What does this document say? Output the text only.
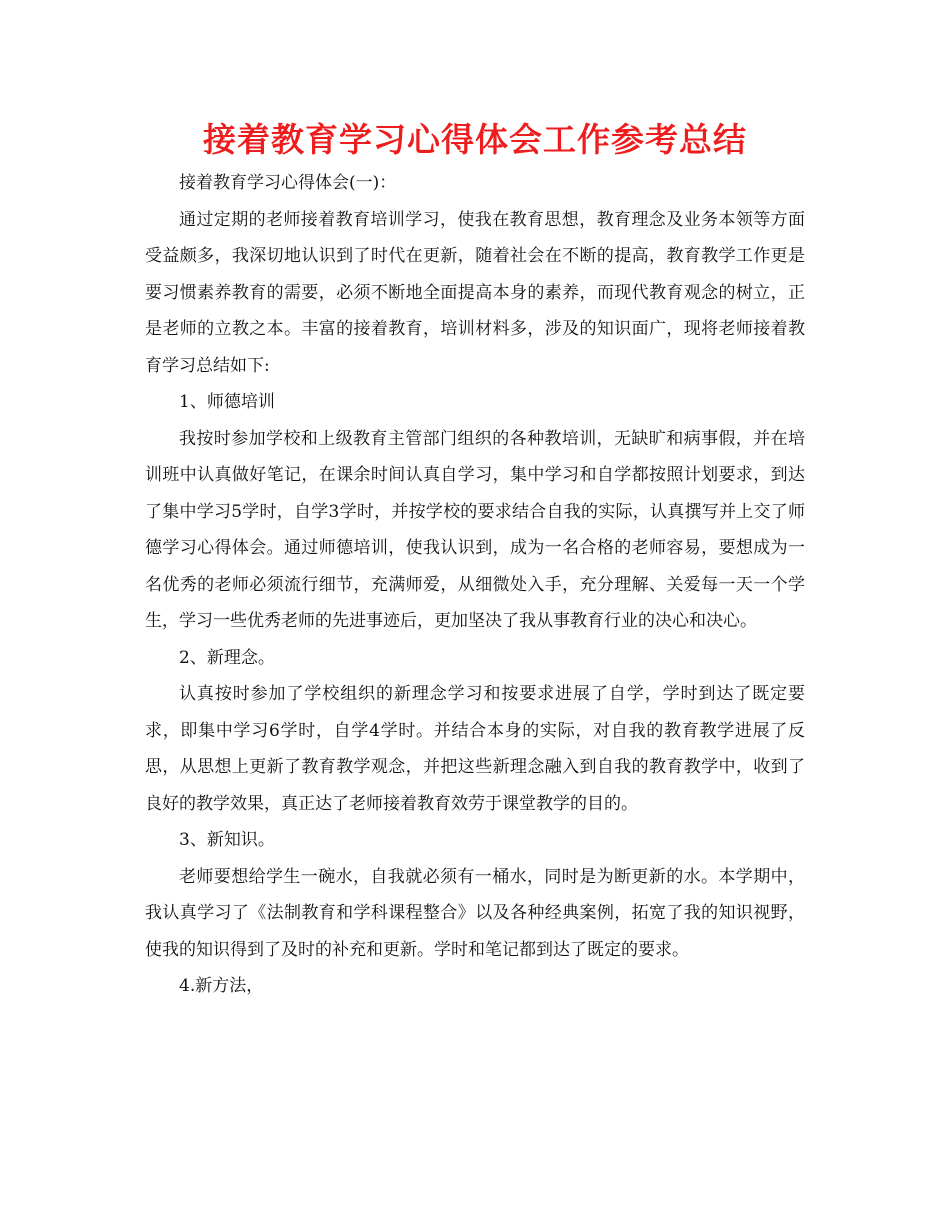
接着教育学习心得体会工作参考总结

接着教育学习心得体会(一)：

通过定期的老师接着教育培训学习，使我在教育思想，教育理念及业务本领等方面受益颇多，我深切地认识到了时代在更新，随着社会在不断的提高，教育教学工作更是要习惯素养教育的需要，必须不断地全面提高本身的素养，而现代教育观念的树立，正是老师的立教之本。丰富的接着教育，培训材料多，涉及的知识面广，现将老师接着教育学习总结如下:

1、师德培训

我按时参加学校和上级教育主管部门组织的各种教培训，无缺旷和病事假，并在培训班中认真做好笔记，在课余时间认真自学习，集中学习和自学都按照计划要求，到达了集中学习5学时，自学3学时，并按学校的要求结合自我的实际，认真撰写并上交了师德学习心得体会。通过师德培训，使我认识到，成为一名合格的老师容易，要想成为一名优秀的老师必须流行细节，充满师爱，从细微处入手，充分理解、关爱每一天一个学生，学习一些优秀老师的先进事迹后，更加坚决了我从事教育行业的决心和决心。

2、新理念。

认真按时参加了学校组织的新理念学习和按要求进展了自学，学时到达了既定要求，即集中学习6学时，自学4学时。并结合本身的实际，对自我的教育教学进展了反思，从思想上更新了教育教学观念，并把这些新理念融入到自我的教育教学中，收到了良好的教学效果，真正达了老师接着教育效劳于课堂教学的目的。

3、新知识。

老师要想给学生一碗水，自我就必须有一桶水，同时是为断更新的水。本学期中，我认真学习了《法制教育和学科课程整合》以及各种经典案例，拓宽了我的知识视野，使我的知识得到了及时的补充和更新。学时和笔记都到达了既定的要求。

4.新方法，
